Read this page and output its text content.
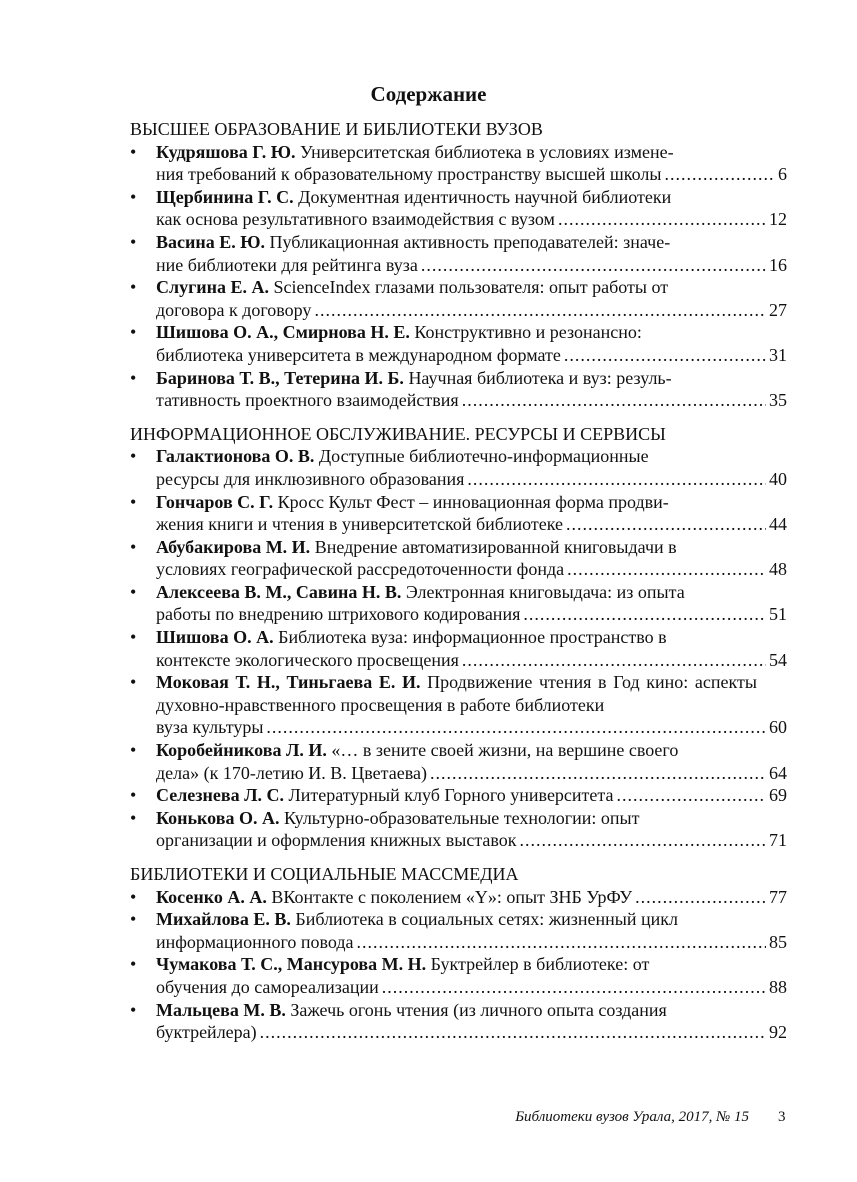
Содержание
ВЫСШЕЕ ОБРАЗОВАНИЕ И БИБЛИОТЕКИ ВУЗОВ
• Кудряшова Г. Ю. Университетская библиотека в условиях измене-
ния требований к образовательному пространству высшей школы .....	6
• Щербинина Г. С. Документная идентичность научной библиотеки
как основа результативного взаимодействия с вузом .....	12
• Васина Е. Ю. Публикационная активность преподавателей: значе-
ние библиотеки для рейтинга вуза .....	16
• Слугина Е. А. ScienceIndex глазами пользователя: опыт работы от
договора к договору .....	27
• Шишова О. А., Смирнова Н. Е. Конструктивно и резонансно:
библиотека университета в международном формате .....	31
• Баринова Т. В., Тетерина И. Б. Научная библиотека и вуз: резуль-
тативность проектного взаимодействия .....	35
ИНФОРМАЦИОННОЕ ОБСЛУЖИВАНИЕ. РЕСУРСЫ И СЕРВИСЫ
• Галактионова О. В. Доступные библиотечно-информационные
ресурсы для инклюзивного образования .....	40
• Гончаров С. Г. Кросс Культ Фест – инновационная форма продви-
жения книги и чтения в университетской библиотеке .....	44
• Абубакирова М. И. Внедрение автоматизированной книговыдачи в
условиях географической рассредоточенности фонда .....	48
• Алексеева В. М., Савина Н. В. Электронная книговыдача: из опыта
работы по внедрению штрихового кодирования .....	51
• Шишова О. А. Библиотека вуза: информационное пространство в
контексте экологического просвещения .....	54
• Моковая Т. Н., Тиньгаева Е. И. Продвижение чтения в Год кино: аспекты духовно-нравственного просвещения в работе библиотеки
вуза культуры .....	60
• Коробейникова Л. И. «… в зените своей жизни, на вершине своего
дела» (к 170-летию И. В. Цветаева) .....	64
• Селезнева Л. С. Литературный клуб Горного университета .....	69
• Конькова О. А. Культурно-образовательные технологии: опыт
организации и оформления книжных выставок .....	71
БИБЛИОТЕКИ И СОЦИАЛЬНЫЕ МАССМЕДИА
• Косенко А. А. ВКонтакте с поколением «Y»: опыт ЗНБ УрФУ .....	77
• Михайлова Е. В. Библиотека в социальных сетях: жизненный цикл
информационного повода .....	85
• Чумакова Т. С., Мансурова М. Н. Буктрейлер в библиотеке: от
обучения до самореализации .....	88
• Мальцева М. В. Зажечь огонь чтения (из личного опыта создания
буктрейлера) .....	92
Библиотеки вузов Урала, 2017, № 15 3
